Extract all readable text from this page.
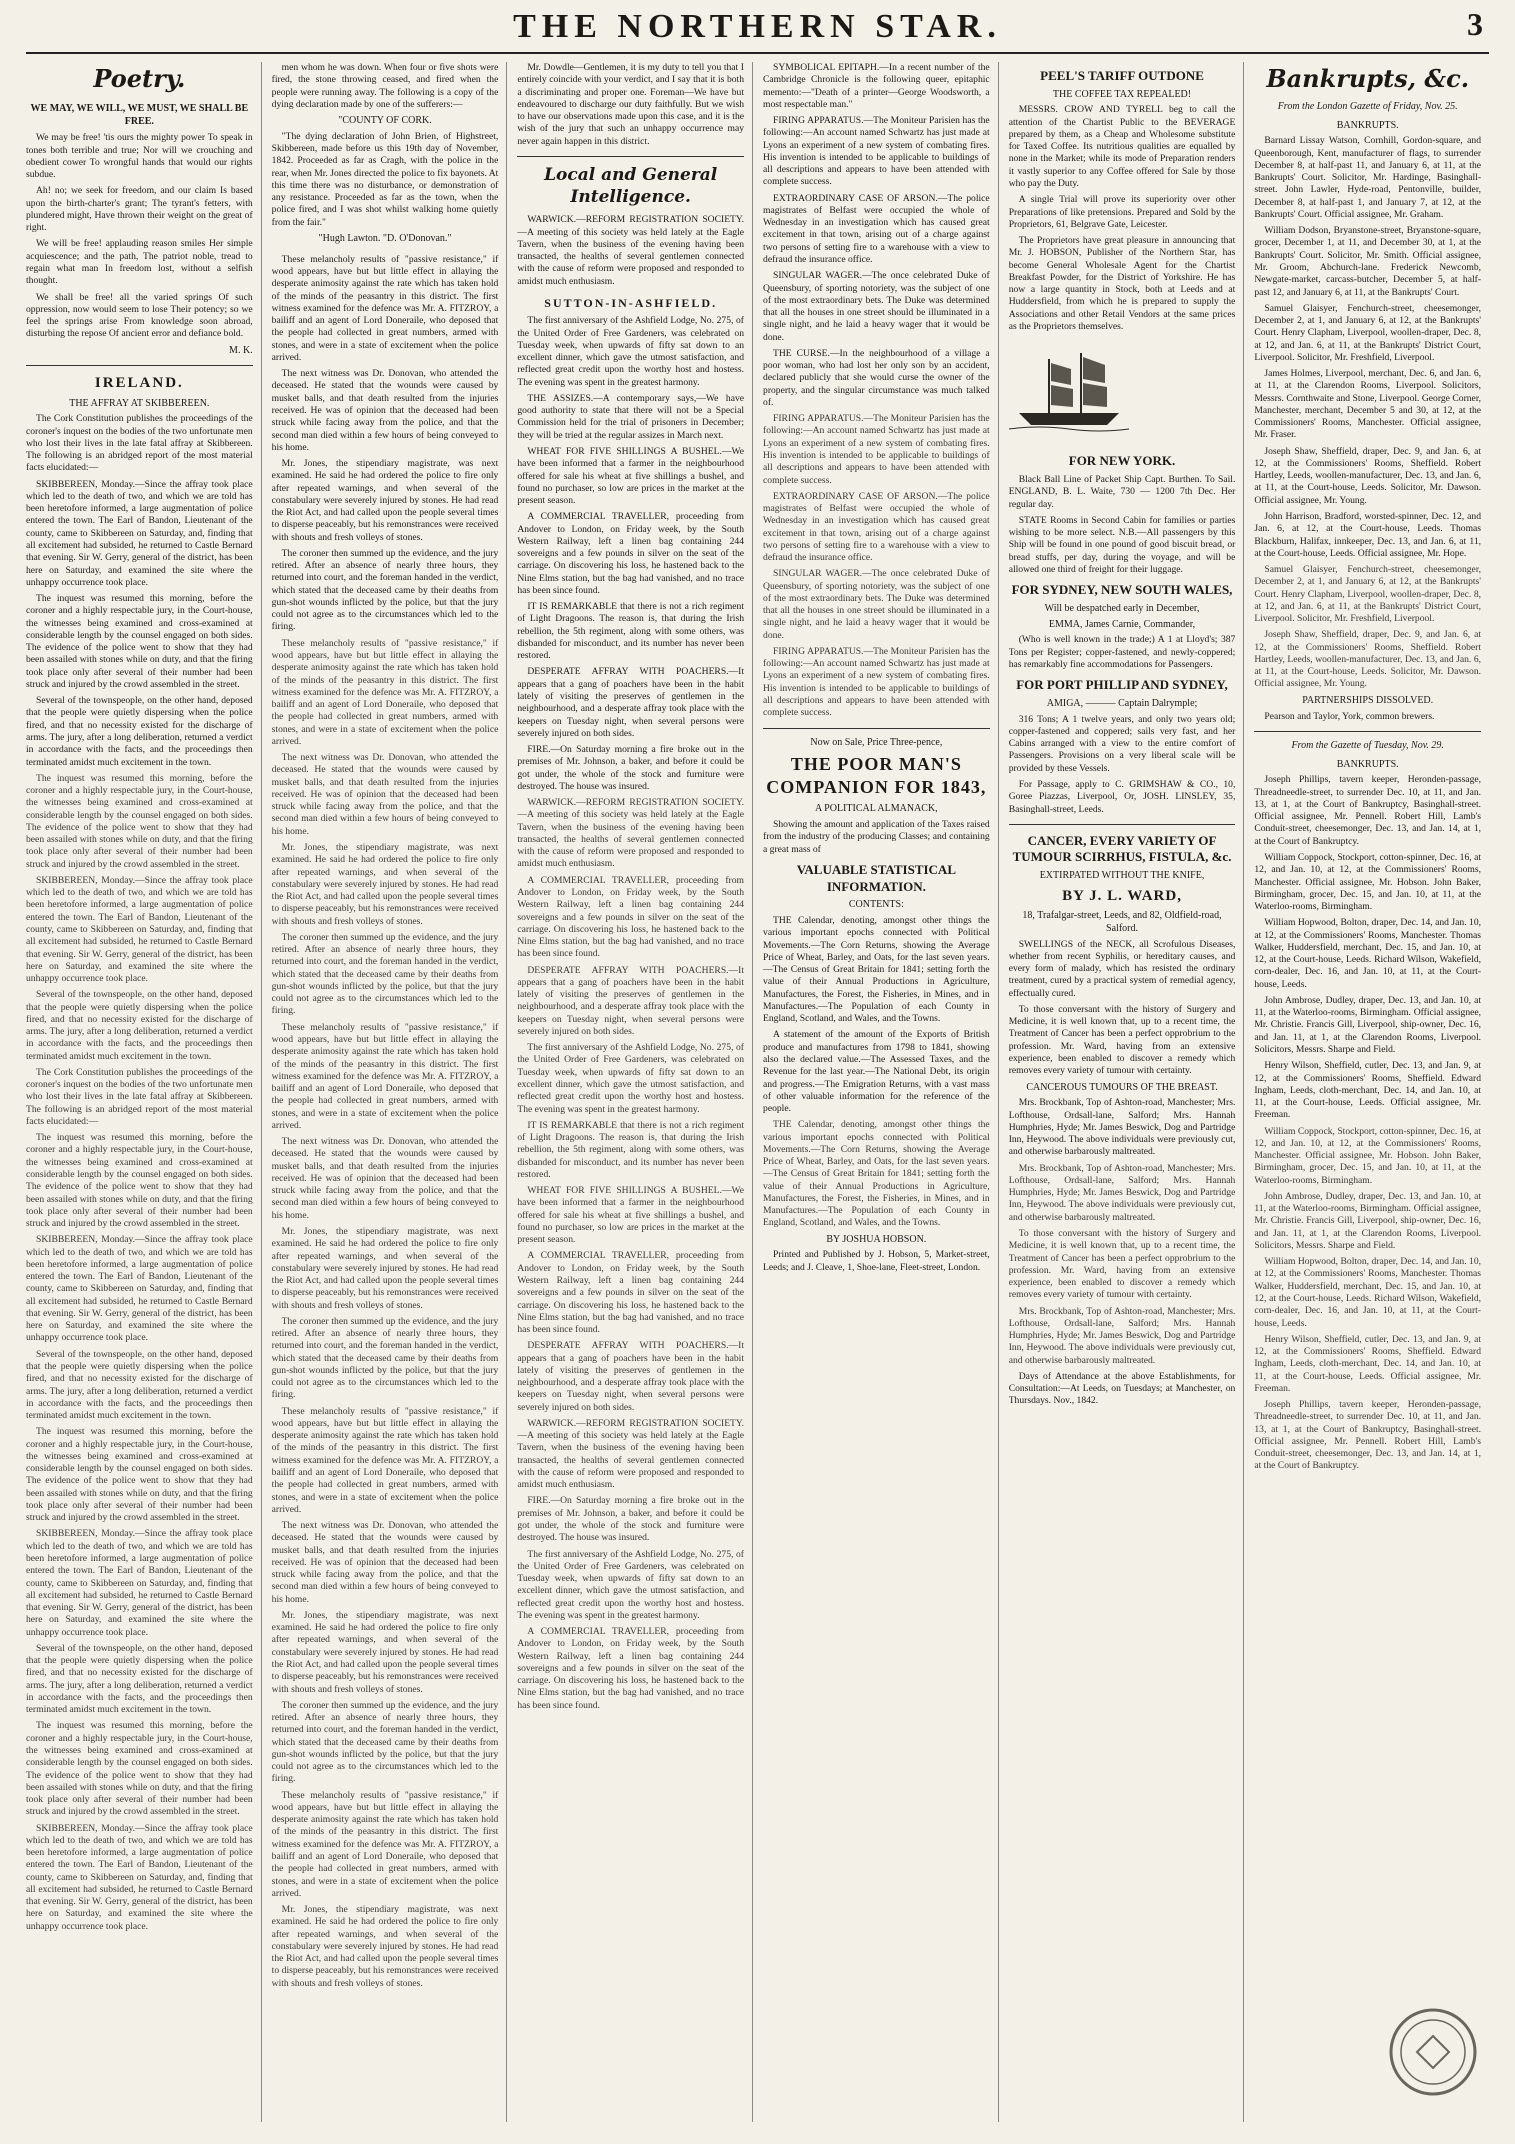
THE NORTHERN STAR.	3
Poetry.
WE MAY, WE WILL, WE MUST, WE SHALL BE FREE.

We may be free! 'tis ours the mighty power To speak in tones both terrible and true; Nor will we crouching and obedient cower To wrongful hands that would our rights subdue.

Ah! no; we seek for freedom, and our claim Is based upon the birth-charter's grant; The tyrant's fetters, with plundered might, Have thrown their weight on the great of right.

We will be free! applauding reason smiles Her simple acquiescence; and the path, The patriot noble, tread to regain what man In freedom lost, without a selfish thought.

We shall be free! all the varied springs Of such oppression, now would seem to lose Their potency; so we feel the springs arise From knowledge soon abroad, disturbing the repose Of ancient error and defiance bold.

M. K.
IRELAND.
THE AFFRAY AT SKIBBEREEN.

The Cork Constitution publishes the proceedings of the coroner's inquest on the bodies of the two unfortunate men who lost their lives in the late fatal affray at Skibbereen. The following is an abridged report of the most material facts elucidated:—

SKIBBEREEN, Monday.—Since the affray took place which led to the death of two, and which we are told has been heretofore informed, a large augmentation of police entered the town. The Earl of Bandon, Lieutenant of the county, came to Skibbereen on Saturday, and, finding that all excitement had subsided, he returned to Castle Bernard that evening. Sir W. Gerry, general of the district, has been here on Saturday, and examined the site where the unhappy occurrence took place.

The inquest was resumed this morning, before the coroner and a highly respectable jury, in the Court-house, the witnesses being examined and cross-examined at considerable length by the counsel engaged on both sides. The evidence of the police went to show that they had been assailed with stones while on duty, and that the firing took place only after several of their number had been struck and injured by the crowd assembled in the street.

Several of the townspeople, on the other hand, deposed that the people were quietly dispersing when the police fired, and that no necessity existed for the discharge of arms. The jury, after a long deliberation, returned a verdict in accordance with the facts, and the proceedings then terminated amidst much excitement in the town.

The inquest was resumed this morning, before the coroner and a highly respectable jury, in the Court-house, the witnesses being examined and cross-examined at considerable length by the counsel engaged on both sides. The evidence of the police went to show that they had been assailed with stones while on duty, and that the firing took place only after several of their number had been struck and injured by the crowd assembled in the street.

SKIBBEREEN, Monday.—Since the affray took place which led to the death of two, and which we are told has been heretofore informed, a large augmentation of police entered the town. The Earl of Bandon, Lieutenant of the county, came to Skibbereen on Saturday, and, finding that all excitement had subsided, he returned to Castle Bernard that evening. Sir W. Gerry, general of the district, has been here on Saturday, and examined the site where the unhappy occurrence took place.

Several of the townspeople, on the other hand, deposed that the people were quietly dispersing when the police fired, and that no necessity existed for the discharge of arms. The jury, after a long deliberation, returned a verdict in accordance with the facts, and the proceedings then terminated amidst much excitement in the town.

The Cork Constitution publishes the proceedings of the coroner's inquest on the bodies of the two unfortunate men who lost their lives in the late fatal affray at Skibbereen. The following is an abridged report of the most material facts elucidated:—

The inquest was resumed this morning, before the coroner and a highly respectable jury, in the Court-house, the witnesses being examined and cross-examined at considerable length by the counsel engaged on both sides. The evidence of the police went to show that they had been assailed with stones while on duty, and that the firing took place only after several of their number had been struck and injured by the crowd assembled in the street.

SKIBBEREEN, Monday.—Since the affray took place which led to the death of two, and which we are told has been heretofore informed, a large augmentation of police entered the town. The Earl of Bandon, Lieutenant of the county, came to Skibbereen on Saturday, and, finding that all excitement had subsided, he returned to Castle Bernard that evening. Sir W. Gerry, general of the district, has been here on Saturday, and examined the site where the unhappy occurrence took place.

Several of the townspeople, on the other hand, deposed that the people were quietly dispersing when the police fired, and that no necessity existed for the discharge of arms. The jury, after a long deliberation, returned a verdict in accordance with the facts, and the proceedings then terminated amidst much excitement in the town.

The inquest was resumed this morning, before the coroner and a highly respectable jury, in the Court-house, the witnesses being examined and cross-examined at considerable length by the counsel engaged on both sides. The evidence of the police went to show that they had been assailed with stones while on duty, and that the firing took place only after several of their number had been struck and injured by the crowd assembled in the street.

SKIBBEREEN, Monday.—Since the affray took place which led to the death of two, and which we are told has been heretofore informed, a large augmentation of police entered the town. The Earl of Bandon, Lieutenant of the county, came to Skibbereen on Saturday, and, finding that all excitement had subsided, he returned to Castle Bernard that evening. Sir W. Gerry, general of the district, has been here on Saturday, and examined the site where the unhappy occurrence took place.

Several of the townspeople, on the other hand, deposed that the people were quietly dispersing when the police fired, and that no necessity existed for the discharge of arms. The jury, after a long deliberation, returned a verdict in accordance with the facts, and the proceedings then terminated amidst much excitement in the town.

The inquest was resumed this morning, before the coroner and a highly respectable jury, in the Court-house, the witnesses being examined and cross-examined at considerable length by the counsel engaged on both sides. The evidence of the police went to show that they had been assailed with stones while on duty, and that the firing took place only after several of their number had been struck and injured by the crowd assembled in the street.

SKIBBEREEN, Monday.—Since the affray took place which led to the death of two, and which we are told has been heretofore informed, a large augmentation of police entered the town. The Earl of Bandon, Lieutenant of the county, came to Skibbereen on Saturday, and, finding that all excitement had subsided, he returned to Castle Bernard that evening. Sir W. Gerry, general of the district, has been here on Saturday, and examined the site where the unhappy occurrence took place.

men whom he was down. When four or five shots were fired, the stone throwing ceased, and fired when the people were running away. The following is a copy of the dying declaration made by one of the sufferers:—

"COUNTY OF CORK.

"The dying declaration of John Brien, of Highstreet, Skibbereen, made before us this 19th day of November, 1842. Proceeded as far as Cragh, with the police in the rear, when Mr. Jones directed the police to fix bayonets. At this time there was no disturbance, or demonstration of any resistance. Proceeded as far as the town, when the police fired, and I was shot whilst walking home quietly from the fair."

"Hugh Lawton. "D. O'Donovan."

These melancholy results of "passive resistance," if wood appears, have but but little effect in allaying the desperate animosity against the rate which has taken hold of the minds of the peasantry in this district. The first witness examined for the defence was Mr. A. FITZROY, a bailiff and an agent of Lord Doneraile, who deposed that the people had collected in great numbers, armed with stones, and were in a state of excitement when the police arrived.

The next witness was Dr. Donovan, who attended the deceased. He stated that the wounds were caused by musket balls, and that death resulted from the injuries received. He was of opinion that the deceased had been struck while facing away from the police, and that the second man died within a few hours of being conveyed to his home.

Mr. Jones, the stipendiary magistrate, was next examined. He said he had ordered the police to fire only after repeated warnings, and when several of the constabulary were severely injured by stones. He had read the Riot Act, and had called upon the people several times to disperse peaceably, but his remonstrances were received with shouts and fresh volleys of stones.

The coroner then summed up the evidence, and the jury retired. After an absence of nearly three hours, they returned into court, and the foreman handed in the verdict, which stated that the deceased came by their deaths from gun-shot wounds inflicted by the police, but that the jury could not agree as to the circumstances which led to the firing.

These melancholy results of "passive resistance," if wood appears, have but but little effect in allaying the desperate animosity against the rate which has taken hold of the minds of the peasantry in this district. The first witness examined for the defence was Mr. A. FITZROY, a bailiff and an agent of Lord Doneraile, who deposed that the people had collected in great numbers, armed with stones, and were in a state of excitement when the police arrived.

The next witness was Dr. Donovan, who attended the deceased. He stated that the wounds were caused by musket balls, and that death resulted from the injuries received. He was of opinion that the deceased had been struck while facing away from the police, and that the second man died within a few hours of being conveyed to his home.

Mr. Jones, the stipendiary magistrate, was next examined. He said he had ordered the police to fire only after repeated warnings, and when several of the constabulary were severely injured by stones. He had read the Riot Act, and had called upon the people several times to disperse peaceably, but his remonstrances were received with shouts and fresh volleys of stones.

The coroner then summed up the evidence, and the jury retired. After an absence of nearly three hours, they returned into court, and the foreman handed in the verdict, which stated that the deceased came by their deaths from gun-shot wounds inflicted by the police, but that the jury could not agree as to the circumstances which led to the firing.

These melancholy results of "passive resistance," if wood appears, have but but little effect in allaying the desperate animosity against the rate which has taken hold of the minds of the peasantry in this district. The first witness examined for the defence was Mr. A. FITZROY, a bailiff and an agent of Lord Doneraile, who deposed that the people had collected in great numbers, armed with stones, and were in a state of excitement when the police arrived.

The next witness was Dr. Donovan, who attended the deceased. He stated that the wounds were caused by musket balls, and that death resulted from the injuries received. He was of opinion that the deceased had been struck while facing away from the police, and that the second man died within a few hours of being conveyed to his home.

Mr. Jones, the stipendiary magistrate, was next examined. He said he had ordered the police to fire only after repeated warnings, and when several of the constabulary were severely injured by stones. He had read the Riot Act, and had called upon the people several times to disperse peaceably, but his remonstrances were received with shouts and fresh volleys of stones.

The coroner then summed up the evidence, and the jury retired. After an absence of nearly three hours, they returned into court, and the foreman handed in the verdict, which stated that the deceased came by their deaths from gun-shot wounds inflicted by the police, but that the jury could not agree as to the circumstances which led to the firing.

These melancholy results of "passive resistance," if wood appears, have but but little effect in allaying the desperate animosity against the rate which has taken hold of the minds of the peasantry in this district. The first witness examined for the defence was Mr. A. FITZROY, a bailiff and an agent of Lord Doneraile, who deposed that the people had collected in great numbers, armed with stones, and were in a state of excitement when the police arrived.

The next witness was Dr. Donovan, who attended the deceased. He stated that the wounds were caused by musket balls, and that death resulted from the injuries received. He was of opinion that the deceased had been struck while facing away from the police, and that the second man died within a few hours of being conveyed to his home.

Mr. Jones, the stipendiary magistrate, was next examined. He said he had ordered the police to fire only after repeated warnings, and when several of the constabulary were severely injured by stones. He had read the Riot Act, and had called upon the people several times to disperse peaceably, but his remonstrances were received with shouts and fresh volleys of stones.

The coroner then summed up the evidence, and the jury retired. After an absence of nearly three hours, they returned into court, and the foreman handed in the verdict, which stated that the deceased came by their deaths from gun-shot wounds inflicted by the police, but that the jury could not agree as to the circumstances which led to the firing.

These melancholy results of "passive resistance," if wood appears, have but but little effect in allaying the desperate animosity against the rate which has taken hold of the minds of the peasantry in this district. The first witness examined for the defence was Mr. A. FITZROY, a bailiff and an agent of Lord Doneraile, who deposed that the people had collected in great numbers, armed with stones, and were in a state of excitement when the police arrived.

Mr. Jones, the stipendiary magistrate, was next examined. He said he had ordered the police to fire only after repeated warnings, and when several of the constabulary were severely injured by stones. He had read the Riot Act, and had called upon the people several times to disperse peaceably, but his remonstrances were received with shouts and fresh volleys of stones.

Mr. Dowdle—Gentlemen, it is my duty to tell you that I entirely coincide with your verdict, and I say that it is both a discriminating and proper one. Foreman—We have but endeavoured to discharge our duty faithfully. But we wish to have our observations made upon this case, and it is the wish of the jury that such an unhappy occurrence may never again happen in this district.

Local and General Intelligence.

WARWICK.—REFORM REGISTRATION SOCIETY.—A meeting of this society was held lately at the Eagle Tavern, when the business of the evening having been transacted, the healths of several gentlemen connected with the cause of reform were proposed and responded to amidst much enthusiasm.

SUTTON-IN-ASHFIELD.

The first anniversary of the Ashfield Lodge, No. 275, of the United Order of Free Gardeners, was celebrated on Tuesday week, when upwards of fifty sat down to an excellent dinner, which gave the utmost satisfaction, and reflected great credit upon the worthy host and hostess. The evening was spent in the greatest harmony.

THE ASSIZES.—A contemporary says,—We have good authority to state that there will not be a Special Commission held for the trial of prisoners in December; they will be tried at the regular assizes in March next.

WHEAT FOR FIVE SHILLINGS A BUSHEL.—We have been informed that a farmer in the neighbourhood offered for sale his wheat at five shillings a bushel, and found no purchaser, so low are prices in the market at the present season.

A COMMERCIAL TRAVELLER, proceeding from Andover to London, on Friday week, by the South Western Railway, left a linen bag containing 244 sovereigns and a few pounds in silver on the seat of the carriage. On discovering his loss, he hastened back to the Nine Elms station, but the bag had vanished, and no trace has been since found.

IT IS REMARKABLE that there is not a rich regiment of Light Dragoons. The reason is, that during the Irish rebellion, the 5th regiment, along with some others, was disbanded for misconduct, and its number has never been restored.

DESPERATE AFFRAY WITH POACHERS.—It appears that a gang of poachers have been in the habit lately of visiting the preserves of gentlemen in the neighbourhood, and a desperate affray took place with the keepers on Tuesday night, when several persons were severely injured on both sides.

FIRE.—On Saturday morning a fire broke out in the premises of Mr. Johnson, a baker, and before it could be got under, the whole of the stock and furniture were destroyed. The house was insured.

WARWICK.—REFORM REGISTRATION SOCIETY.—A meeting of this society was held lately at the Eagle Tavern, when the business of the evening having been transacted, the healths of several gentlemen connected with the cause of reform were proposed and responded to amidst much enthusiasm.

A COMMERCIAL TRAVELLER, proceeding from Andover to London, on Friday week, by the South Western Railway, left a linen bag containing 244 sovereigns and a few pounds in silver on the seat of the carriage. On discovering his loss, he hastened back to the Nine Elms station, but the bag had vanished, and no trace has been since found.

DESPERATE AFFRAY WITH POACHERS.—It appears that a gang of poachers have been in the habit lately of visiting the preserves of gentlemen in the neighbourhood, and a desperate affray took place with the keepers on Tuesday night, when several persons were severely injured on both sides.

The first anniversary of the Ashfield Lodge, No. 275, of the United Order of Free Gardeners, was celebrated on Tuesday week, when upwards of fifty sat down to an excellent dinner, which gave the utmost satisfaction, and reflected great credit upon the worthy host and hostess. The evening was spent in the greatest harmony.

IT IS REMARKABLE that there is not a rich regiment of Light Dragoons. The reason is, that during the Irish rebellion, the 5th regiment, along with some others, was disbanded for misconduct, and its number has never been restored.

WHEAT FOR FIVE SHILLINGS A BUSHEL.—We have been informed that a farmer in the neighbourhood offered for sale his wheat at five shillings a bushel, and found no purchaser, so low are prices in the market at the present season.

A COMMERCIAL TRAVELLER, proceeding from Andover to London, on Friday week, by the South Western Railway, left a linen bag containing 244 sovereigns and a few pounds in silver on the seat of the carriage. On discovering his loss, he hastened back to the Nine Elms station, but the bag had vanished, and no trace has been since found.

DESPERATE AFFRAY WITH POACHERS.—It appears that a gang of poachers have been in the habit lately of visiting the preserves of gentlemen in the neighbourhood, and a desperate affray took place with the keepers on Tuesday night, when several persons were severely injured on both sides.

WARWICK.—REFORM REGISTRATION SOCIETY.—A meeting of this society was held lately at the Eagle Tavern, when the business of the evening having been transacted, the healths of several gentlemen connected with the cause of reform were proposed and responded to amidst much enthusiasm.

FIRE.—On Saturday morning a fire broke out in the premises of Mr. Johnson, a baker, and before it could be got under, the whole of the stock and furniture were destroyed. The house was insured.

The first anniversary of the Ashfield Lodge, No. 275, of the United Order of Free Gardeners, was celebrated on Tuesday week, when upwards of fifty sat down to an excellent dinner, which gave the utmost satisfaction, and reflected great credit upon the worthy host and hostess. The evening was spent in the greatest harmony.

A COMMERCIAL TRAVELLER, proceeding from Andover to London, on Friday week, by the South Western Railway, left a linen bag containing 244 sovereigns and a few pounds in silver on the seat of the carriage. On discovering his loss, he hastened back to the Nine Elms station, but the bag had vanished, and no trace has been since found.

SYMBOLICAL EPITAPH.—In a recent number of the Cambridge Chronicle is the following queer, epitaphic memento:—"Death of a printer—George Woodsworth, a most respectable man."

FIRING APPARATUS.—The Moniteur Parisien has the following:—An account named Schwartz has just made at Lyons an experiment of a new system of combating fires. His invention is intended to be applicable to buildings of all descriptions and appears to have been attended with complete success.

EXTRAORDINARY CASE OF ARSON.—The police magistrates of Belfast were occupied the whole of Wednesday in an investigation which has caused great excitement in that town, arising out of a charge against two persons of setting fire to a warehouse with a view to defraud the insurance office.

SINGULAR WAGER.—The once celebrated Duke of Queensbury, of sporting notoriety, was the subject of one of the most extraordinary bets. The Duke was determined that all the houses in one street should be illuminated in a single night, and he laid a heavy wager that it would be done.

THE CURSE.—In the neighbourhood of a village a poor woman, who had lost her only son by an accident, declared publicly that she would curse the owner of the property, and the singular circumstance was much talked of.

FIRING APPARATUS.—The Moniteur Parisien has the following:—An account named Schwartz has just made at Lyons an experiment of a new system of combating fires. His invention is intended to be applicable to buildings of all descriptions and appears to have been attended with complete success.

EXTRAORDINARY CASE OF ARSON.—The police magistrates of Belfast were occupied the whole of Wednesday in an investigation which has caused great excitement in that town, arising out of a charge against two persons of setting fire to a warehouse with a view to defraud the insurance office.

SINGULAR WAGER.—The once celebrated Duke of Queensbury, of sporting notoriety, was the subject of one of the most extraordinary bets. The Duke was determined that all the houses in one street should be illuminated in a single night, and he laid a heavy wager that it would be done.

FIRING APPARATUS.—The Moniteur Parisien has the following:—An account named Schwartz has just made at Lyons an experiment of a new system of combating fires. His invention is intended to be applicable to buildings of all descriptions and appears to have been attended with complete success.

Now on Sale, Price Three-pence,
THE POOR MAN'S COMPANION FOR 1843,
A POLITICAL ALMANACK,

Showing the amount and application of the Taxes raised from the industry of the producing Classes; and containing a great mass of

VALUABLE STATISTICAL INFORMATION.
CONTENTS:

THE Calendar, denoting, amongst other things the various important epochs connected with Political Movements.—The Corn Returns, showing the Average Price of Wheat, Barley, and Oats, for the last seven years.—The Census of Great Britain for 1841; setting forth the value of their Annual Productions in Agriculture, Manufactures, the Forest, the Fisheries, in Mines, and in Manufactures.—The Population of each County in England, Scotland, and Wales, and the Towns.

A statement of the amount of the Exports of British produce and manufactures from 1798 to 1841, showing also the declared value.—The Assessed Taxes, and the Revenue for the last year.—The National Debt, its origin and progress.—The Emigration Returns, with a vast mass of other valuable information for the reference of the people.

THE Calendar, denoting, amongst other things the various important epochs connected with Political Movements.—The Corn Returns, showing the Average Price of Wheat, Barley, and Oats, for the last seven years.—The Census of Great Britain for 1841; setting forth the value of their Annual Productions in Agriculture, Manufactures, the Forest, the Fisheries, in Mines, and in Manufactures.—The Population of each County in England, Scotland, and Wales, and the Towns.

BY JOSHUA HOBSON.

Printed and Published by J. Hobson, 5, Market-street, Leeds; and J. Cleave, 1, Shoe-lane, Fleet-street, London.

PEEL'S TARIFF OUTDONE
THE COFFEE TAX REPEALED!

MESSRS. CROW AND TYRELL beg to call the attention of the Chartist Public to the BEVERAGE prepared by them, as a Cheap and Wholesome substitute for Taxed Coffee. Its nutritious qualities are equalled by none in the Market; while its mode of Preparation renders it vastly superior to any Coffee offered for Sale by those who pay the Duty.

A single Trial will prove its superiority over other Preparations of like pretensions. Prepared and Sold by the Proprietors, 61, Belgrave Gate, Leicester.

The Proprietors have great pleasure in announcing that Mr. J. HOBSON, Publisher of the Northern Star, has become General Wholesale Agent for the Chartist Breakfast Powder, for the District of Yorkshire. He has now a large quantity in Stock, both at Leeds and at Huddersfield, from which he is prepared to supply the Associations and other Retail Vendors at the same prices as the Proprietors themselves.

FOR NEW YORK.

Black Ball Line of Packet Ship Capt. Burthen. To Sail. ENGLAND, B. L. Waite, 730 — 1200 7th Dec. Her regular day.

STATE Rooms in Second Cabin for families or parties wishing to be more select. N.B.—All passengers by this Ship will be found in one pound of good biscuit bread, or bread stuffs, per day, during the voyage, and will be allowed one third of freight for their luggage.

FOR SYDNEY, NEW SOUTH WALES,
Will be despatched early in December,
EMMA, James Carnie, Commander,

(Who is well known in the trade;) A 1 at Lloyd's; 387 Tons per Register; copper-fastened, and newly-coppered; has remarkably fine accommodations for Passengers.

FOR PORT PHILLIP AND SYDNEY,
AMIGA, ——— Captain Dalrymple;

316 Tons; A 1 twelve years, and only two years old; copper-fastened and coppered; sails very fast, and her Cabins arranged with a view to the entire comfort of Passengers. Provisions on a very liberal scale will be provided by these Vessels.

For Passage, apply to C. GRIMSHAW & CO., 10, Goree Piazzas, Liverpool, Or, JOSH. LINSLEY, 35, Basinghall-street, Leeds.

CANCER, EVERY VARIETY OF TUMOUR SCIRRHUS, FISTULA, &c.
EXTIRPATED WITHOUT THE KNIFE,
BY J. L. WARD,
18, Trafalgar-street, Leeds, and 82, Oldfield-road, Salford.

SWELLINGS of the NECK, all Scrofulous Diseases, whether from recent Syphilis, or hereditary causes, and every form of malady, which has resisted the ordinary treatment, cured by a practical system of remedial agency, effectually cured.

To those conversant with the history of Surgery and Medicine, it is well known that, up to a recent time, the Treatment of Cancer has been a perfect opprobrium to the profession. Mr. Ward, having from an extensive experience, been enabled to discover a remedy which removes every variety of tumour with certainty.

CANCEROUS TUMOURS OF THE BREAST.

Mrs. Brockbank, Top of Ashton-road, Manchester; Mrs. Lofthouse, Ordsall-lane, Salford; Mrs. Hannah Humphries, Hyde; Mr. James Beswick, Dog and Partridge Inn, Heywood. The above individuals were previously cut, and otherwise barbarously maltreated.

Mrs. Brockbank, Top of Ashton-road, Manchester; Mrs. Lofthouse, Ordsall-lane, Salford; Mrs. Hannah Humphries, Hyde; Mr. James Beswick, Dog and Partridge Inn, Heywood. The above individuals were previously cut, and otherwise barbarously maltreated.

To those conversant with the history of Surgery and Medicine, it is well known that, up to a recent time, the Treatment of Cancer has been a perfect opprobrium to the profession. Mr. Ward, having from an extensive experience, been enabled to discover a remedy which removes every variety of tumour with certainty.

Mrs. Brockbank, Top of Ashton-road, Manchester; Mrs. Lofthouse, Ordsall-lane, Salford; Mrs. Hannah Humphries, Hyde; Mr. James Beswick, Dog and Partridge Inn, Heywood. The above individuals were previously cut, and otherwise barbarously maltreated.

Days of Attendance at the above Establishments, for Consultation:—At Leeds, on Tuesdays; at Manchester, on Thursdays. Nov., 1842.

Bankrupts, &c.
From the London Gazette of Friday, Nov. 25.
BANKRUPTS.

Barnard Lissay Watson, Cornhill, Gordon-square, and Queenborough, Kent, manufacturer of flags, to surrender December 8, at half-past 11, and January 6, at 11, at the Bankrupts' Court. Solicitor, Mr. Hardinge, Basinghall-street. John Lawler, Hyde-road, Pentonville, builder, December 8, at half-past 1, and January 7, at 12, at the Bankrupts' Court. Official assignee, Mr. Graham.

William Dodson, Bryanstone-street, Bryanstone-square, grocer, December 1, at 11, and December 30, at 1, at the Bankrupts' Court. Solicitor, Mr. Smith. Official assignee, Mr. Groom, Abchurch-lane. Frederick Newcomb, Newgate-market, carcass-butcher, December 5, at half-past 12, and January 6, at 11, at the Bankrupts' Court.

Samuel Glaisyer, Fenchurch-street, cheesemonger, December 2, at 1, and January 6, at 12, at the Bankrupts' Court. Henry Clapham, Liverpool, woollen-draper, Dec. 8, at 12, and Jan. 6, at 11, at the Bankrupts' District Court, Liverpool. Solicitor, Mr. Freshfield, Liverpool.

James Holmes, Liverpool, merchant, Dec. 6, and Jan. 6, at 11, at the Clarendon Rooms, Liverpool. Solicitors, Messrs. Cornthwaite and Stone, Liverpool. George Corner, Manchester, merchant, December 5 and 30, at 12, at the Commissioners' Rooms, Manchester. Official assignee, Mr. Fraser.

Joseph Shaw, Sheffield, draper, Dec. 9, and Jan. 6, at 12, at the Commissioners' Rooms, Sheffield. Robert Hartley, Leeds, woollen-manufacturer, Dec. 13, and Jan. 6, at 11, at the Court-house, Leeds. Solicitor, Mr. Dawson. Official assignee, Mr. Young.

John Harrison, Bradford, worsted-spinner, Dec. 12, and Jan. 6, at 12, at the Court-house, Leeds. Thomas Blackburn, Halifax, innkeeper, Dec. 13, and Jan. 6, at 11, at the Court-house, Leeds. Official assignee, Mr. Hope.

Samuel Glaisyer, Fenchurch-street, cheesemonger, December 2, at 1, and January 6, at 12, at the Bankrupts' Court. Henry Clapham, Liverpool, woollen-draper, Dec. 8, at 12, and Jan. 6, at 11, at the Bankrupts' District Court, Liverpool. Solicitor, Mr. Freshfield, Liverpool.

Joseph Shaw, Sheffield, draper, Dec. 9, and Jan. 6, at 12, at the Commissioners' Rooms, Sheffield. Robert Hartley, Leeds, woollen-manufacturer, Dec. 13, and Jan. 6, at 11, at the Court-house, Leeds. Solicitor, Mr. Dawson. Official assignee, Mr. Young.

PARTNERSHIPS DISSOLVED.

Pearson and Taylor, York, common brewers.

From the Gazette of Tuesday, Nov. 29.
BANKRUPTS.

Joseph Phillips, tavern keeper, Heronden-passage, Threadneedle-street, to surrender Dec. 10, at 11, and Jan. 13, at 1, at the Court of Bankruptcy, Basinghall-street. Official assignee, Mr. Pennell. Robert Hill, Lamb's Conduit-street, cheesemonger, Dec. 13, and Jan. 14, at 1, at the Court of Bankruptcy.

William Coppock, Stockport, cotton-spinner, Dec. 16, at 12, and Jan. 10, at 12, at the Commissioners' Rooms, Manchester. Official assignee, Mr. Hobson. John Baker, Birmingham, grocer, Dec. 15, and Jan. 10, at 11, at the Waterloo-rooms, Birmingham.

William Hopwood, Bolton, draper, Dec. 14, and Jan. 10, at 12, at the Commissioners' Rooms, Manchester. Thomas Walker, Huddersfield, merchant, Dec. 15, and Jan. 10, at 12, at the Court-house, Leeds. Richard Wilson, Wakefield, corn-dealer, Dec. 16, and Jan. 10, at 11, at the Court-house, Leeds.

John Ambrose, Dudley, draper, Dec. 13, and Jan. 10, at 11, at the Waterloo-rooms, Birmingham. Official assignee, Mr. Christie. Francis Gill, Liverpool, ship-owner, Dec. 16, and Jan. 11, at 1, at the Clarendon Rooms, Liverpool. Solicitors, Messrs. Sharpe and Field.

Henry Wilson, Sheffield, cutler, Dec. 13, and Jan. 9, at 12, at the Commissioners' Rooms, Sheffield. Edward Ingham, Leeds, cloth-merchant, Dec. 14, and Jan. 10, at 11, at the Court-house, Leeds. Official assignee, Mr. Freeman.

William Coppock, Stockport, cotton-spinner, Dec. 16, at 12, and Jan. 10, at 12, at the Commissioners' Rooms, Manchester. Official assignee, Mr. Hobson. John Baker, Birmingham, grocer, Dec. 15, and Jan. 10, at 11, at the Waterloo-rooms, Birmingham.

John Ambrose, Dudley, draper, Dec. 13, and Jan. 10, at 11, at the Waterloo-rooms, Birmingham. Official assignee, Mr. Christie. Francis Gill, Liverpool, ship-owner, Dec. 16, and Jan. 11, at 1, at the Clarendon Rooms, Liverpool. Solicitors, Messrs. Sharpe and Field.

William Hopwood, Bolton, draper, Dec. 14, and Jan. 10, at 12, at the Commissioners' Rooms, Manchester. Thomas Walker, Huddersfield, merchant, Dec. 15, and Jan. 10, at 12, at the Court-house, Leeds. Richard Wilson, Wakefield, corn-dealer, Dec. 16, and Jan. 10, at 11, at the Court-house, Leeds.

Henry Wilson, Sheffield, cutler, Dec. 13, and Jan. 9, at 12, at the Commissioners' Rooms, Sheffield. Edward Ingham, Leeds, cloth-merchant, Dec. 14, and Jan. 10, at 11, at the Court-house, Leeds. Official assignee, Mr. Freeman.

Joseph Phillips, tavern keeper, Heronden-passage, Threadneedle-street, to surrender Dec. 10, at 11, and Jan. 13, at 1, at the Court of Bankruptcy, Basinghall-street. Official assignee, Mr. Pennell. Robert Hill, Lamb's Conduit-street, cheesemonger, Dec. 13, and Jan. 14, at 1, at the Court of Bankruptcy.
